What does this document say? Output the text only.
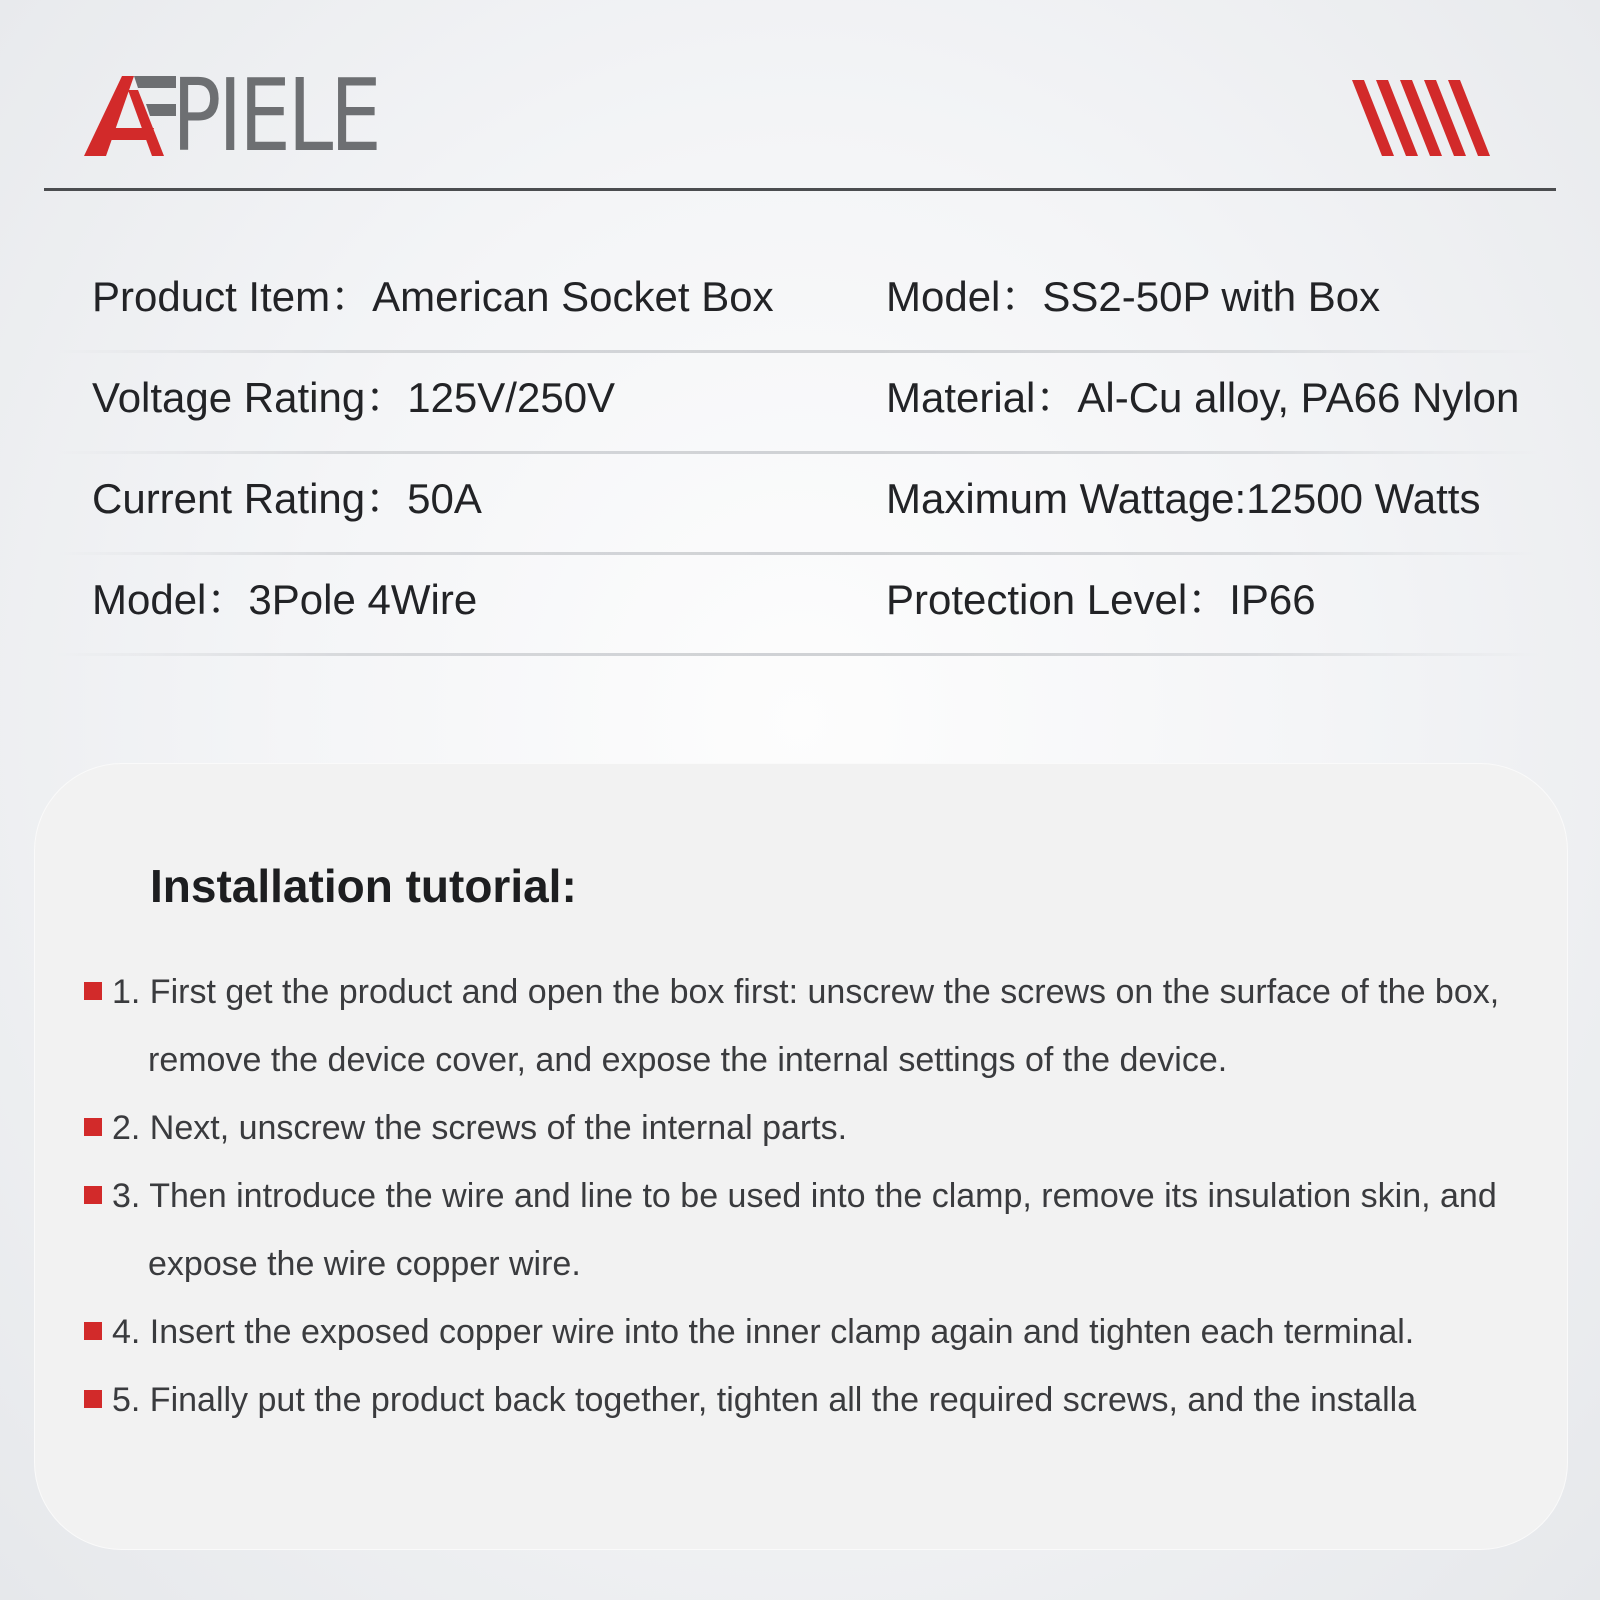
PIELE
Product Item：American Socket Box	Model：SS2-50P with Box
Voltage Rating：125V/250V	Material：Al-Cu alloy, PA66 Nylon
Current Rating：50A	Maximum Wattage:12500 Watts
Model：3Pole 4Wire	Protection Level：IP66
Installation tutorial:
1. First get the product and open the box first: unscrew the screws on the surface of the box, remove the device cover, and expose the internal settings of the device.
2. Next, unscrew the screws of the internal parts.
3. Then introduce the wire and line to be used into the clamp, remove its insulation skin, and expose the wire copper wire.
4. Insert the exposed copper wire into the inner clamp again and tighten each terminal.
5. Finally put the product back together, tighten all the required screws, and the installa
